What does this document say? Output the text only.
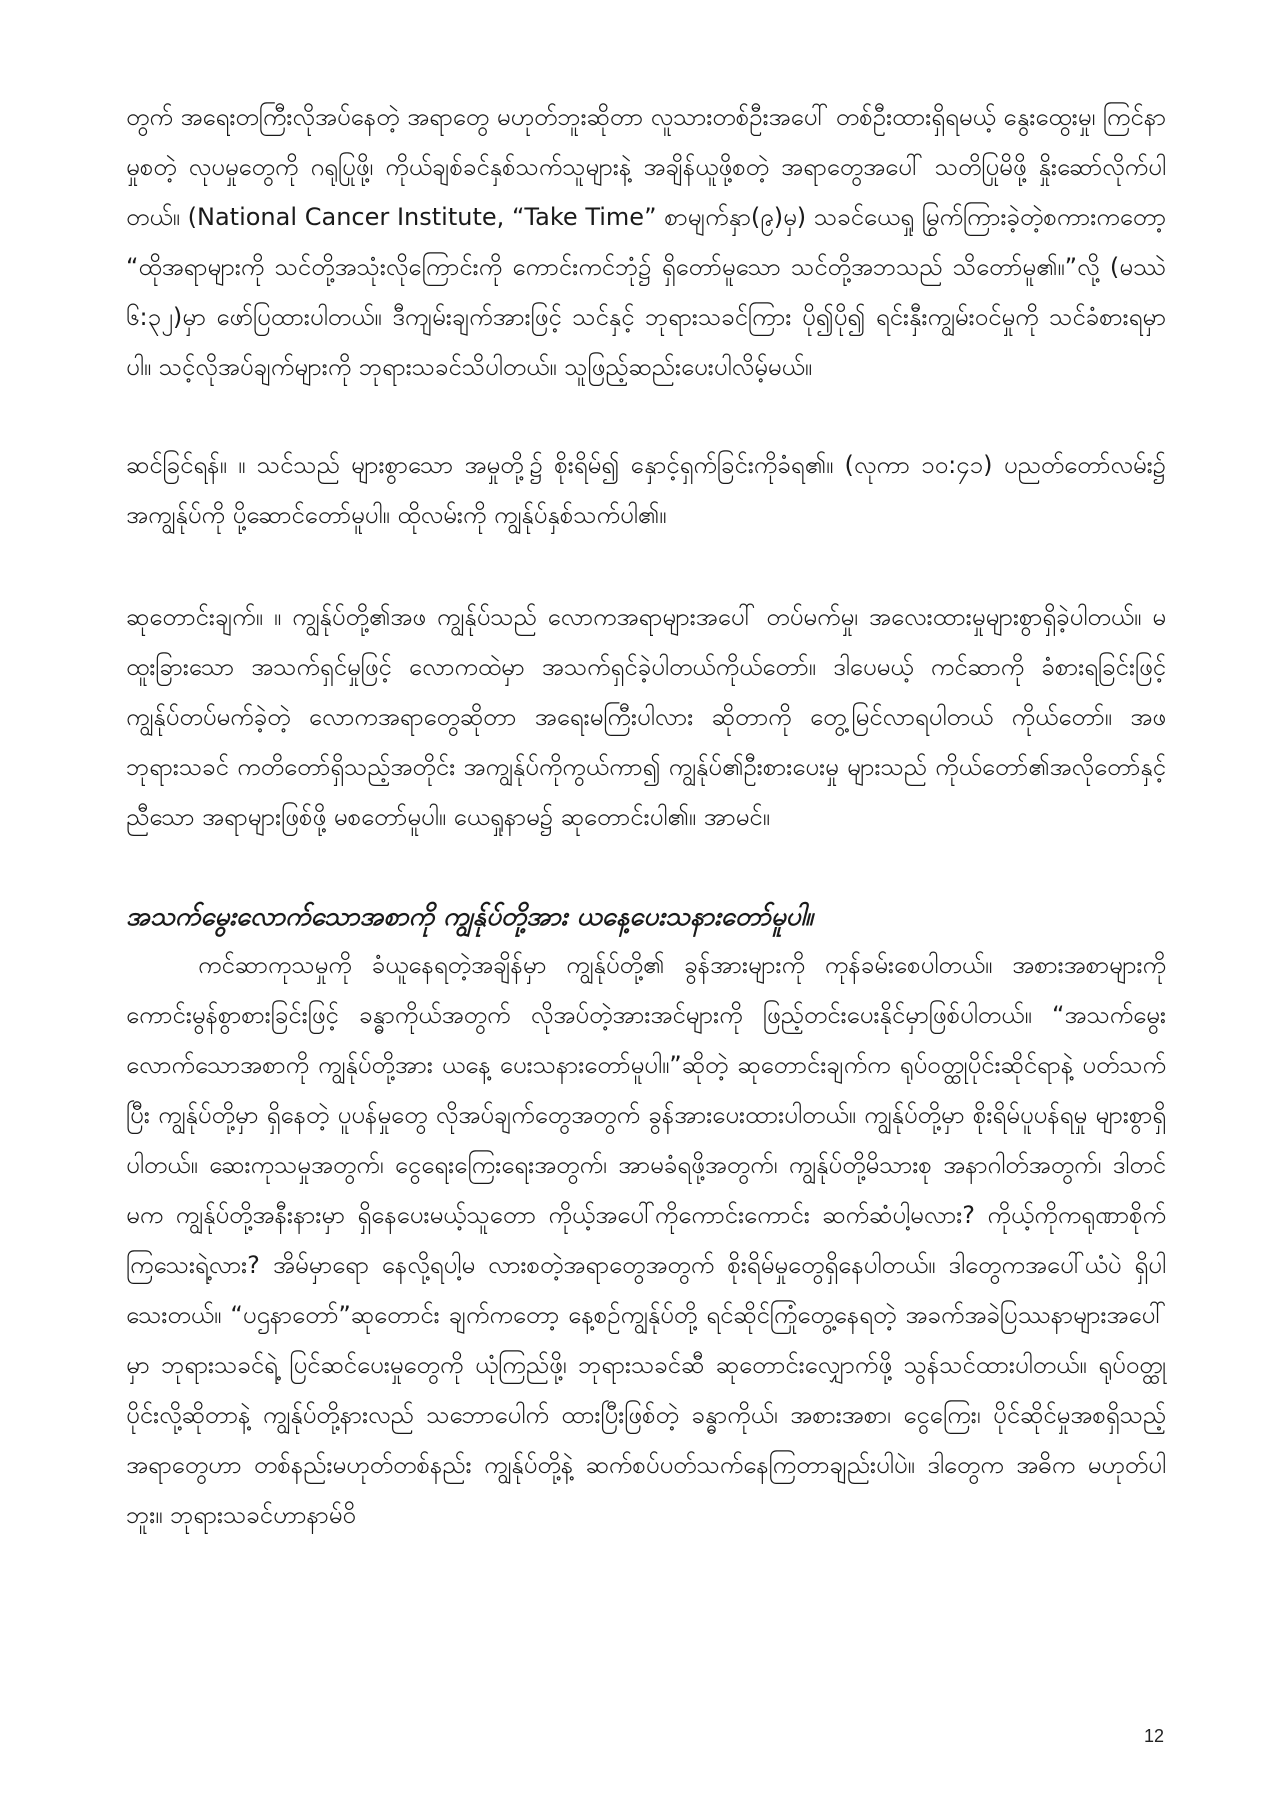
တွက် အရေးတကြီးလိုအပ်နေတဲ့ အရာတွေ မဟုတ်ဘူးဆိုတာ လူသားတစ်ဦးအပေါ် တစ်ဦးထားရှိရမယ့် နွေးထွေးမှု၊ ကြင်နာမှုစတဲ့ လုပမှုတွေကို ဂရုပြုဖို့၊ ကိုယ်ချစ်ခင်နှစ်သက်သူများနဲ့ အချိန်ယူဖို့စတဲ့ အရာတွေအပေါ် သတိပြုမိဖို့ နှိုးဆော်လိုက်ပါတယ်။ (National Cancer Institute, “Take Time” စာမျက်နှာ(၉)မှ) သခင်ယေရှု မြွက်ကြားခဲ့တဲ့စကားကတော့ “ထိုအရာများကို သင်တို့အသုံးလိုကြောင်းကို ကောင်းကင်ဘုံ၌ ရှိတော်မူသော သင်တို့အဘသည် သိတော်မူ၏။”လို့ (မဿဲ ၆:၃၂)မှာ ဖော်ပြထားပါတယ်။ ဒီကျမ်းချက်အားဖြင့် သင်နှင့် ဘုရားသခင်ကြား ပို၍ပို၍ ရင်းနှီးကျွမ်းဝင်မှုကို သင်ခံစားရမှာပါ။ သင့်လိုအပ်ချက်များကို ဘုရားသခင်သိပါတယ်။ သူဖြည့်ဆည်းပေးပါလိမ့်မယ်။

ဆင်ခြင်ရန်။ ။ သင်သည် များစွာသော အမှုတို့၌ စိုးရိမ်၍ နှောင့်ရှက်ခြင်းကိုခံရ၏။ (လုကာ ၁၀:၄၁) ပညတ်တော်လမ်း၌ အကျွန်ုပ်ကို ပို့ဆောင်တော်မူပါ။ ထိုလမ်းကို ကျွန်ုပ်နှစ်သက်ပါ၏။

ဆုတောင်းချက်။ ။ ကျွန်ုပ်တို့၏အဖ ကျွန်ုပ်သည် လောကအရာများအပေါ် တပ်မက်မှု၊ အလေးထားမှုများစွာရှိခဲ့ပါတယ်။ မထူးခြားသော အသက်ရှင်မှုဖြင့် လောကထဲမှာ အသက်ရှင်ခဲ့ပါတယ်ကိုယ်တော်။ ဒါပေမယ့် ကင်ဆာကို ခံစားရခြင်းဖြင့် ကျွန်ုပ်တပ်မက်ခဲ့တဲ့ လောကအရာတွေဆိုတာ အရေးမကြီးပါလား ဆိုတာကို တွေ့မြင်လာရပါတယ် ကိုယ်တော်။ အဖဘုရားသခင် ကတိတော်ရှိသည့်အတိုင်း အကျွန်ုပ်ကိုကွယ်ကာ၍ ကျွန်ုပ်၏ဦးစားပေးမှု များသည် ကိုယ်တော်၏အလိုတော်နှင့် ညီသော အရာများဖြစ်ဖို့ မစတော်မူပါ။ ယေရှုနာမ၌ ဆုတောင်းပါ၏။ အာမင်။

အသက်မွေးလောက်သောအစာကို ကျွန်ုပ်တို့အား ယနေ့ပေးသနားတော်မူပါ။

ကင်ဆာကုသမှုကို ခံယူနေရတဲ့အချိန်မှာ ကျွန်ုပ်တို့၏ ခွန်အားများကို ကုန်ခမ်းစေပါတယ်။ အစားအစာများကို ကောင်းမွန်စွာစားခြင်းဖြင့် ခန္ဓာကိုယ်အတွက် လိုအပ်တဲ့အားအင်များကို ဖြည့်တင်းပေးနိုင်မှာဖြစ်ပါတယ်။ “အသက်မွေးလောက်သောအစာကို ကျွန်ုပ်တို့အား ယနေ့ ပေးသနားတော်မူပါ။”ဆိုတဲ့ ဆုတောင်းချက်က ရုပ်ဝတ္ထုပိုင်းဆိုင်ရာနဲ့ ပတ်သက်ပြီး ကျွန်ုပ်တို့မှာ ရှိနေတဲ့ ပူပန်မှုတွေ လိုအပ်ချက်တွေအတွက် ခွန်အားပေးထားပါတယ်။ ကျွန်ုပ်တို့မှာ စိုးရိမ်ပူပန်ရမှု များစွာရှိပါတယ်။ ဆေးကုသမှုအတွက်၊ ငွေရေးကြေးရေးအတွက်၊ အာမခံရဖို့အတွက်၊ ကျွန်ုပ်တို့မိသားစု အနာဂါတ်အတွက်၊ ဒါတင်မက ကျွန်ုပ်တို့အနီးနားမှာ ရှိနေပေးမယ့်သူတော ကိုယ့်အပေါ်ကိုကောင်းကောင်း ဆက်ဆံပါ့မလား? ကိုယ့်ကိုကရုဏာစိုက်ကြသေးရဲ့လား? အိမ်မှာရော နေလို့ရပါ့မ လားစတဲ့အရာတွေအတွက် စိုးရိမ်မှုတွေရှိနေပါတယ်။ ဒါတွေကအပေါ်ယံပဲ ရှိပါသေးတယ်။ “ပဌနာတော်”ဆုတောင်း ချက်ကတော့ နေ့စဉ်ကျွန်ုပ်တို့ ရင်ဆိုင်ကြုံတွေ့နေရတဲ့ အခက်အခဲပြဿနာများအပေါ်မှာ ဘုရားသခင်ရဲ့ ပြင်ဆင်ပေးမှုတွေကို ယုံကြည်ဖို့၊ ဘုရားသခင်ဆီ ဆုတောင်းလျှောက်ဖို့ သွန်သင်ထားပါတယ်။ ရုပ်ဝတ္ထုပိုင်းလို့ဆိုတာနဲ့ ကျွန်ုပ်တို့နားလည် သဘောပေါက် ထားပြီးဖြစ်တဲ့ ခန္ဓာကိုယ်၊ အစားအစာ၊ ငွေကြေး၊ ပိုင်ဆိုင်မှုအစရှိသည့် အရာတွေဟာ တစ်နည်းမဟုတ်တစ်နည်း ကျွန်ုပ်တို့နဲ့ ဆက်စပ်ပတ်သက်နေကြတာချည်းပါပဲ။ ဒါတွေက အဓိက မဟုတ်ပါဘူး။ ဘုရားသခင်ဟာနာမ်ဝိ

12
